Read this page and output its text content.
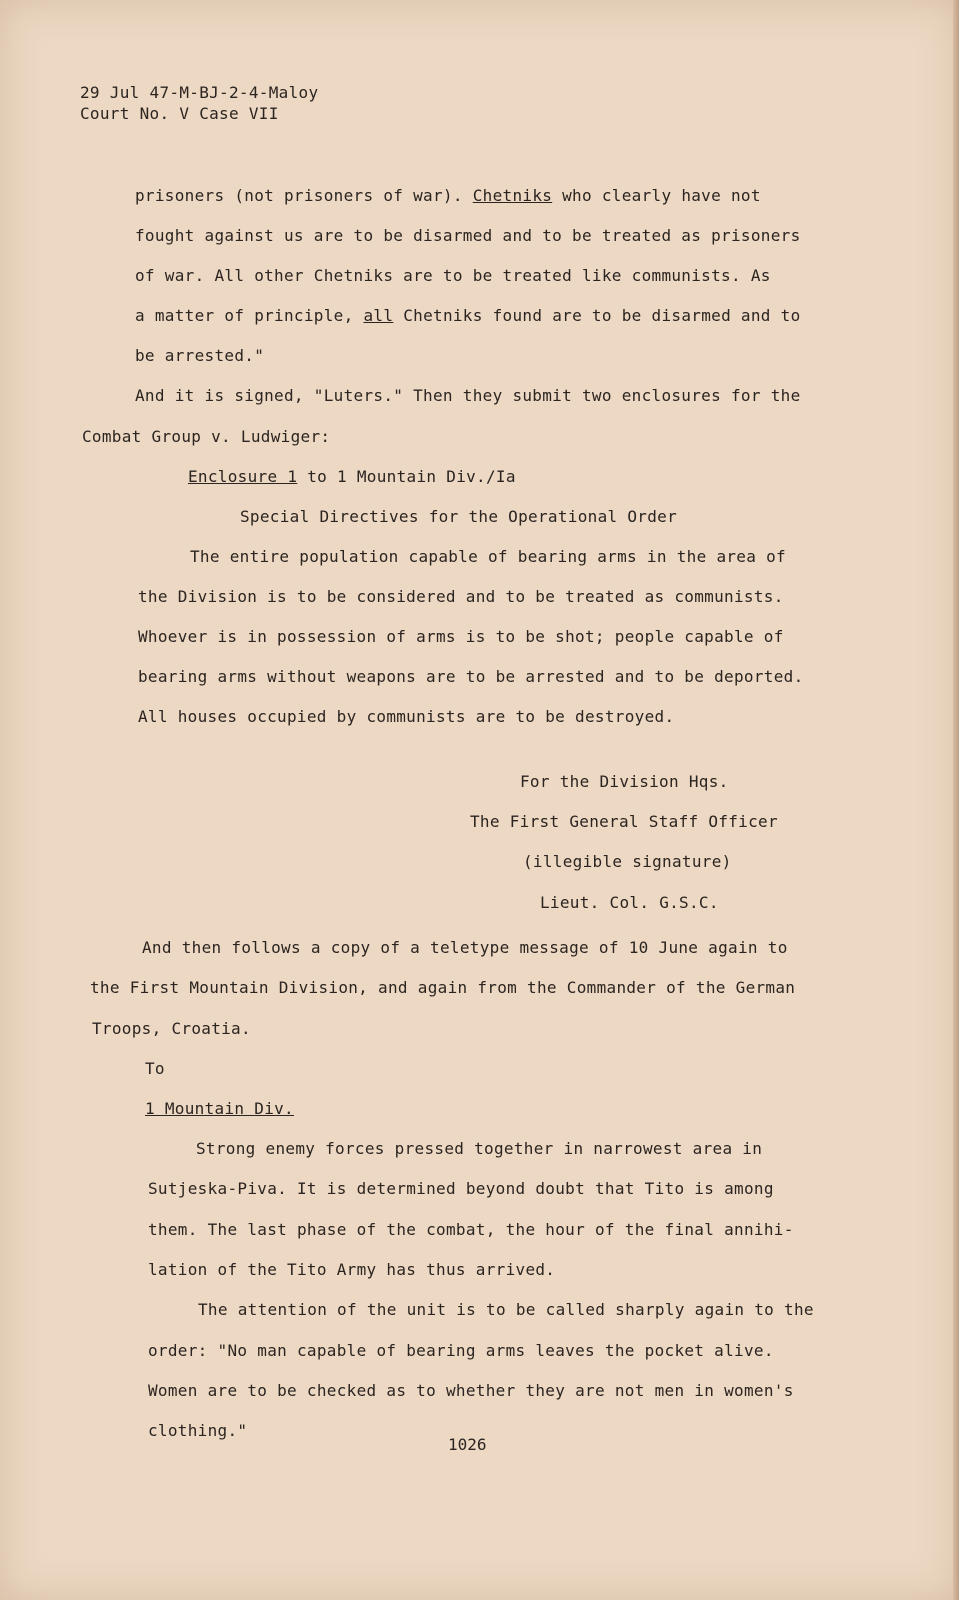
29 Jul 47-M-BJ-2-4-Maloy
Court No. V Case VII
prisoners (not prisoners of war). Chetniks who clearly have not
fought against us are to be disarmed and to be treated as prisoners
of war. All other Chetniks are to be treated like communists. As
a matter of principle, all Chetniks found are to be disarmed and to
be arrested."
And it is signed, "Luters." Then they submit two enclosures for the
Combat Group v. Ludwiger:
Enclosure 1 to 1 Mountain Div./Ia
Special Directives for the Operational Order
The entire population capable of bearing arms in the area of
the Division is to be considered and to be treated as communists.
Whoever is in possession of arms is to be shot; people capable of
bearing arms without weapons are to be arrested and to be deported.
All houses occupied by communists are to be destroyed.
For the Division Hqs.
The First General Staff Officer
(illegible signature)
Lieut. Col. G.S.C.
And then follows a copy of a teletype message of 10 June again to
the First Mountain Division, and again from the Commander of the German
Troops, Croatia.
To
1 Mountain Div.
Strong enemy forces pressed together in narrowest area in
Sutjeska-Piva. It is determined beyond doubt that Tito is among
them. The last phase of the combat, the hour of the final annihi-
lation of the Tito Army has thus arrived.
The attention of the unit is to be called sharply again to the
order: "No man capable of bearing arms leaves the pocket alive.
Women are to be checked as to whether they are not men in women's
clothing."
1026
